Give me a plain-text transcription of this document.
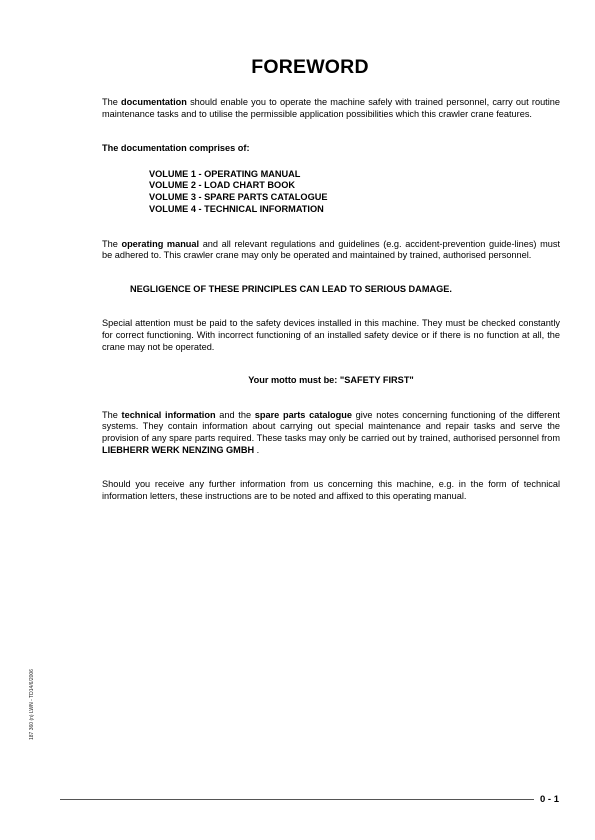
FOREWORD

The documentation should enable you to operate the machine safely with trained personnel, carry out routine maintenance tasks and to utilise the permissible application possibilities which this crawler crane features.

The documentation comprises of:

VOLUME 1 - OPERATING MANUAL
VOLUME 2 - LOAD CHART BOOK
VOLUME 3 - SPARE PARTS CATALOGUE
VOLUME 4 - TECHNICAL INFORMATION

The operating manual and all relevant regulations and guidelines (e.g. accident-prevention guide-lines) must be adhered to. This crawler crane may only be operated and maintained by trained, authorised personnel.

NEGLIGENCE OF THESE PRINCIPLES CAN LEAD TO SERIOUS DAMAGE.

Special attention must be paid to the safety devices installed in this machine. They must be checked constantly for correct functioning. With incorrect functioning of an installed safety device or if there is no function at all, the crane may not be operated.

Your motto must be: "SAFETY FIRST"

The technical information and the spare parts catalogue give notes concerning functioning of the different systems. They contain information about carrying out special maintenance and repair tasks and serve the provision of any spare parts required. These tasks may only be carried out by trained, authorised personnel from LIEBHERR WERK NENZING GMBH .

Should you receive any further information from us concerning this machine, e.g. in the form of technical information letters, these instructions are to be noted and affixed to this operating manual.

187 360 (n) LWN - TD14/6/2006
0 - 1
